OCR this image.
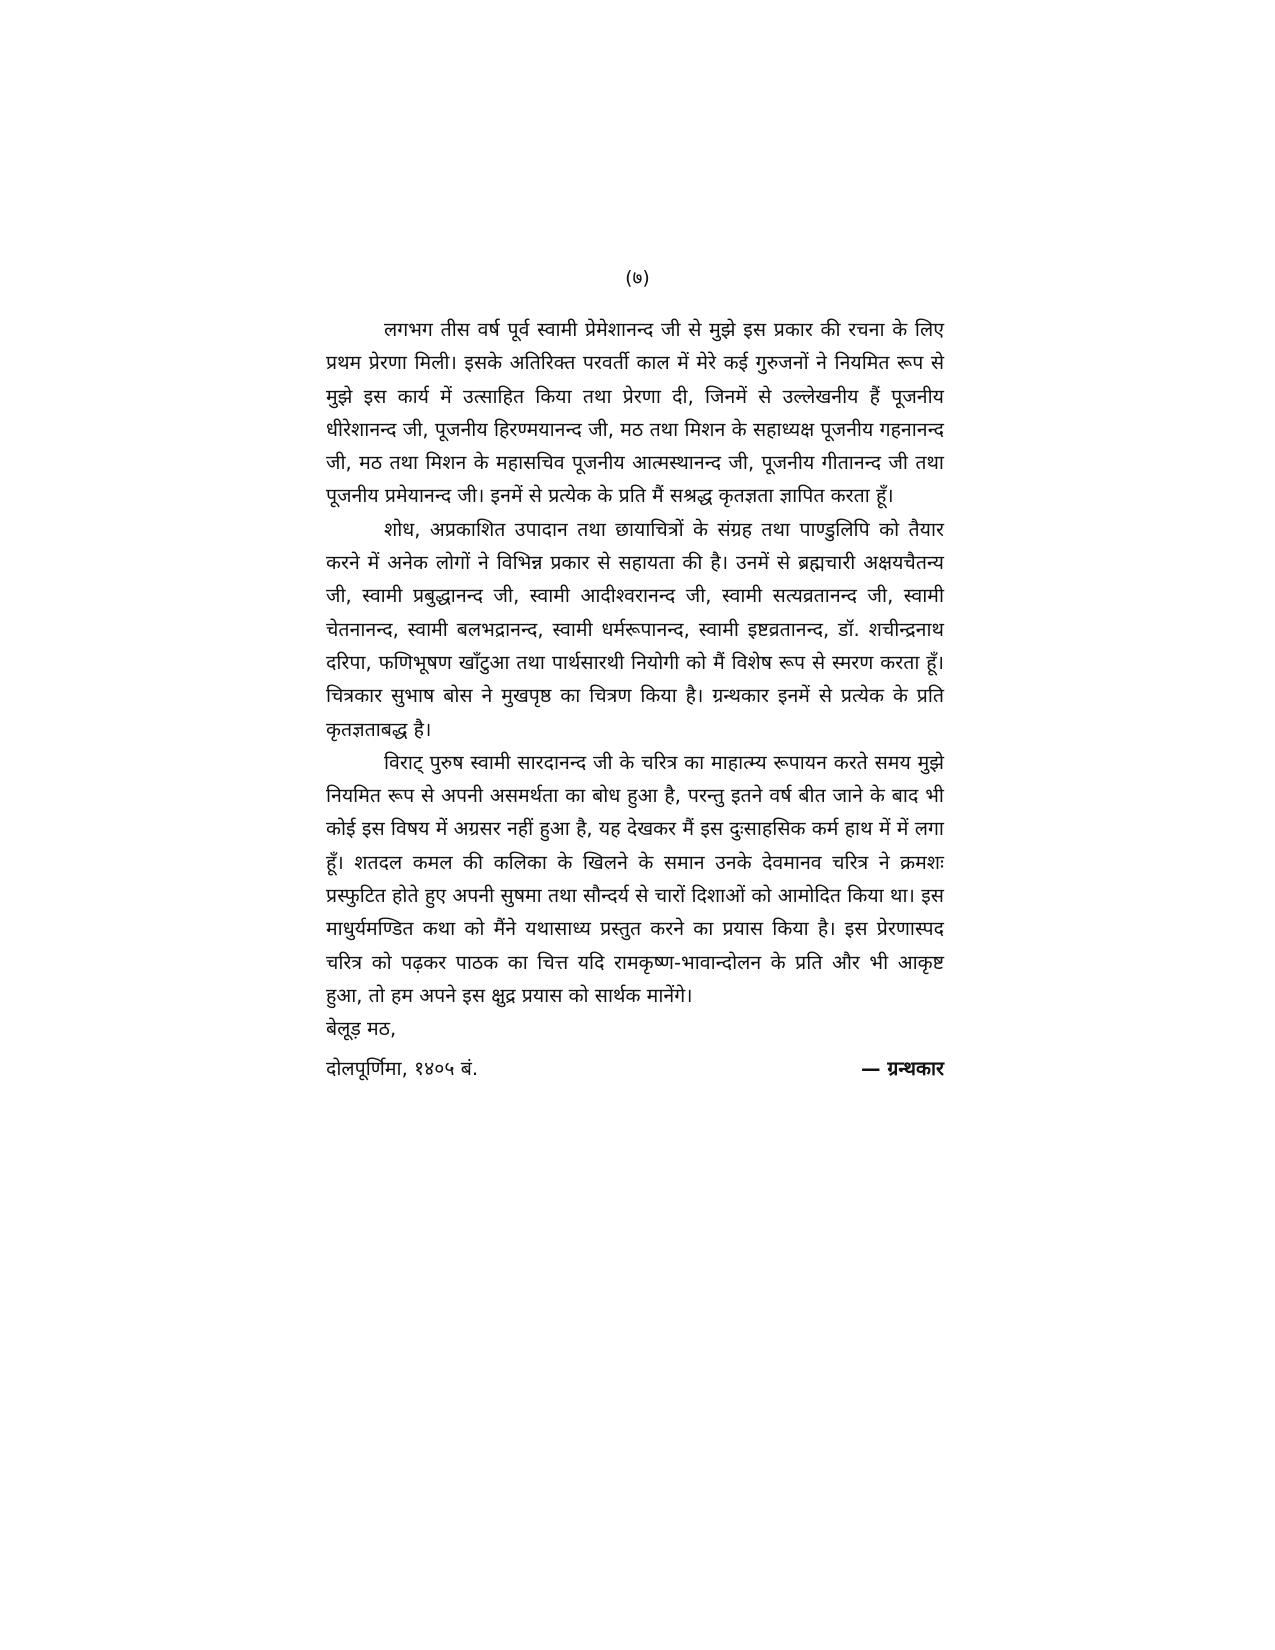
(७)

लगभग तीस वर्ष पूर्व स्वामी प्रेमेशानन्द जी से मुझे इस प्रकार की रचना के लिए प्रथम प्रेरणा मिली। इसके अतिरिक्त परवर्ती काल में मेरे कई गुरुजनों ने नियमित रूप से मुझे इस कार्य में उत्साहित किया तथा प्रेरणा दी, जिनमें से उल्लेखनीय हैं पूजनीय धीरेशानन्द जी, पूजनीय हिरण्मयानन्द जी, मठ तथा मिशन के सहाध्यक्ष पूजनीय गहनानन्द जी, मठ तथा मिशन के महासचिव पूजनीय आत्मस्थानन्द जी, पूजनीय गीतानन्द जी तथा पूजनीय प्रमेयानन्द जी। इनमें से प्रत्येक के प्रति मैं सश्रद्ध कृतज्ञता ज्ञापित करता हूँ।

शोध, अप्रकाशित उपादान तथा छायाचित्रों के संग्रह तथा पाण्डुलिपि को तैयार करने में अनेक लोगों ने विभिन्न प्रकार से सहायता की है। उनमें से ब्रह्मचारी अक्षयचैतन्य जी, स्वामी प्रबुद्धानन्द जी, स्वामी आदीश्वरानन्द जी, स्वामी सत्यव्रतानन्द जी, स्वामी चेतनानन्द, स्वामी बलभद्रानन्द, स्वामी धर्मरूपानन्द, स्वामी इष्टव्रतानन्द, डॉ. शचीन्द्रनाथ दरिपा, फणिभूषण खाँटुआ तथा पार्थसारथी नियोगी को मैं विशेष रूप से स्मरण करता हूँ। चित्रकार सुभाष बोस ने मुखपृष्ठ का चित्रण किया है। ग्रन्थकार इनमें से प्रत्येक के प्रति कृतज्ञताबद्ध है।

विराट् पुरुष स्वामी सारदानन्द जी के चरित्र का माहात्म्य रूपायन करते समय मुझे नियमित रूप से अपनी असमर्थता का बोध हुआ है, परन्तु इतने वर्ष बीत जाने के बाद भी कोई इस विषय में अग्रसर नहीं हुआ है, यह देखकर मैं इस दुःसाहसिक कर्म हाथ में में लगा हूँ। शतदल कमल की कलिका के खिलने के समान उनके देवमानव चरित्र ने क्रमशः प्रस्फुटित होते हुए अपनी सुषमा तथा सौन्दर्य से चारों दिशाओं को आमोदित किया था। इस माधुर्यमण्डित कथा को मैंने यथासाध्य प्रस्तुत करने का प्रयास किया है। इस प्रेरणास्पद चरित्र को पढ़कर पाठक का चित्त यदि रामकृष्ण-भावान्दोलन के प्रति और भी आकृष्ट हुआ, तो हम अपने इस क्षुद्र प्रयास को सार्थक मानेंगे।

बेलूड़ मठ,

दोलपूर्णिमा, १४०५ बं.	— ग्रन्थकार
